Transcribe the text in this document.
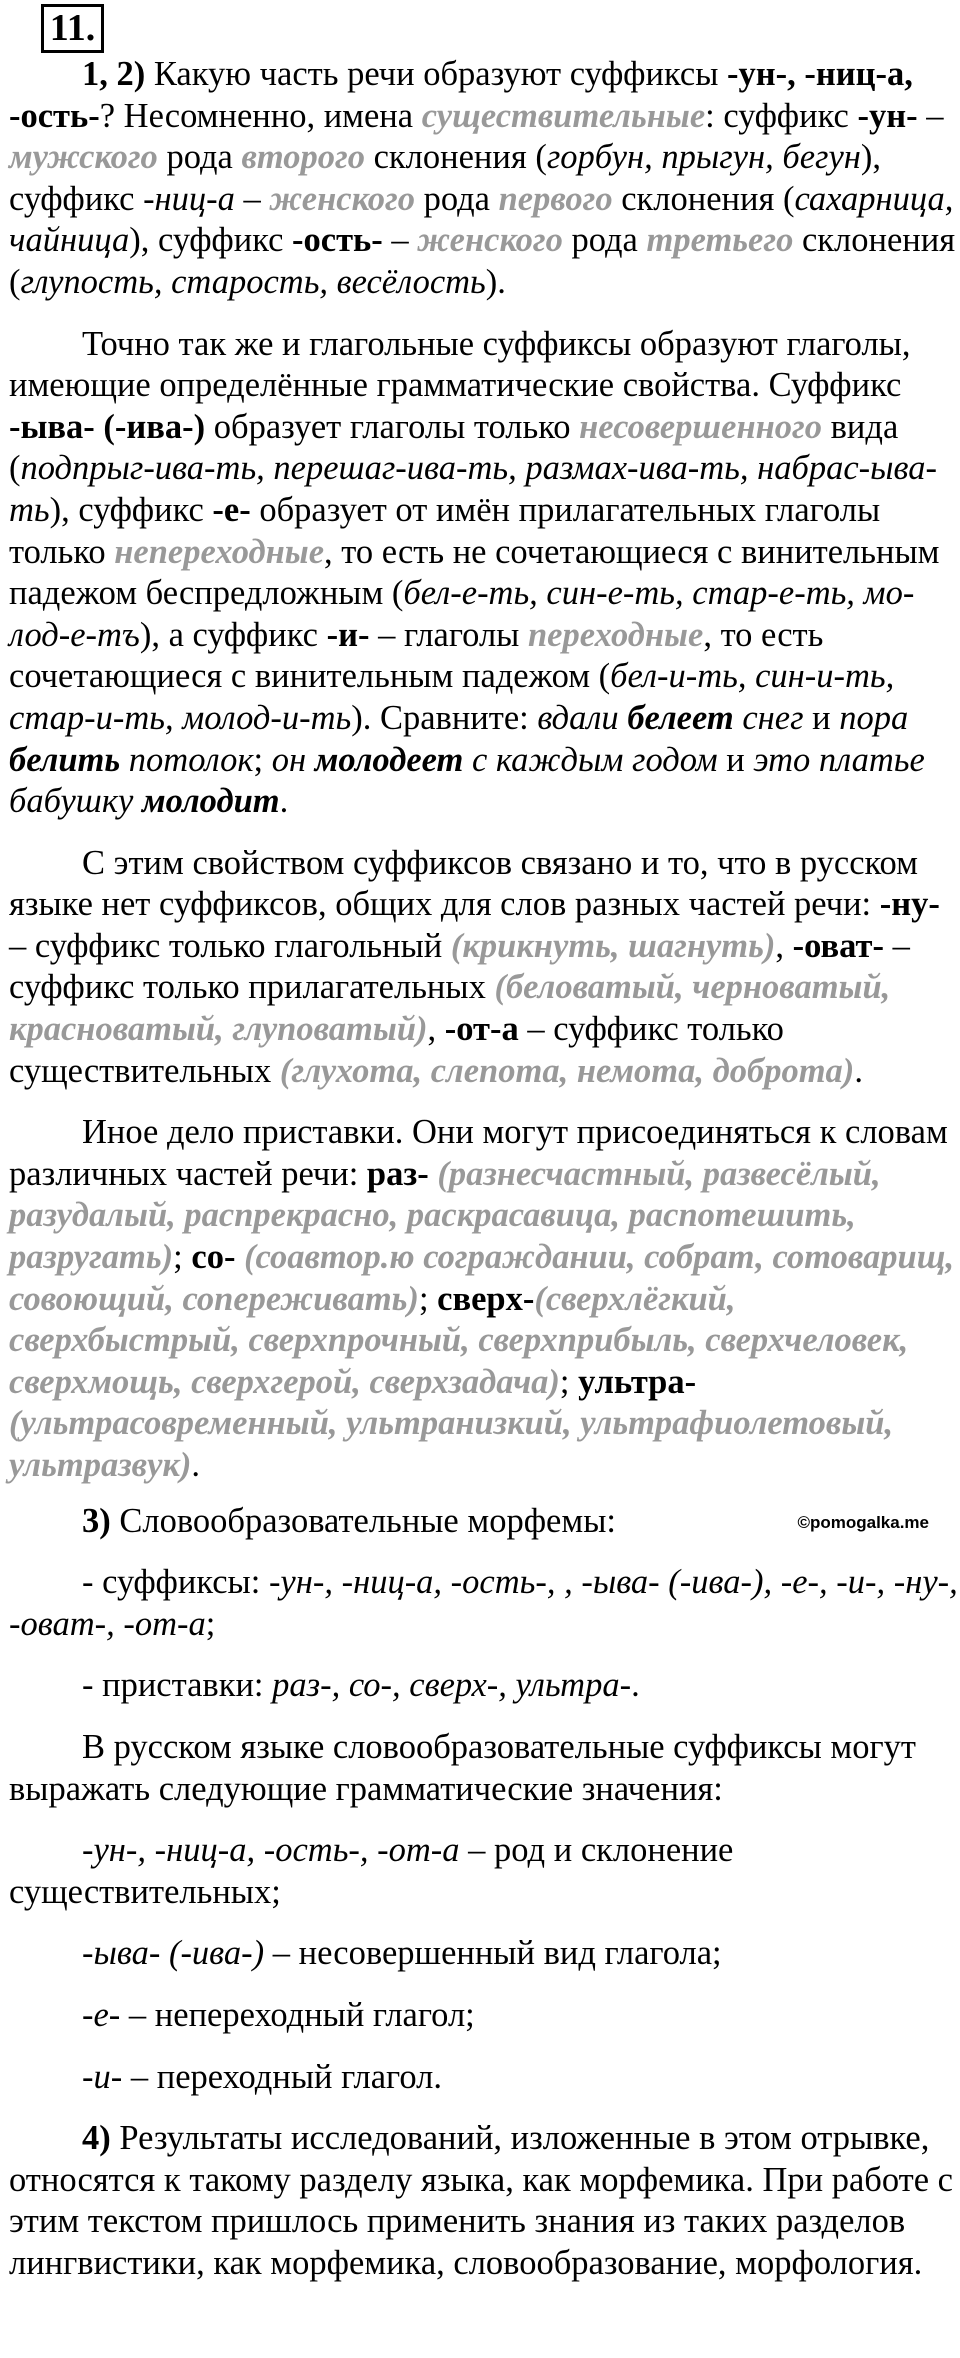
11.

1, 2) Какую часть речи образуют суффиксы -ун-, -ниц-а, -ость-? Несомненно, имена существительные: суффикс -ун- – мужского рода второго склонения (горбун, прыгун, бегун), суффикс -ниц-а – женского рода первого склонения (сахарница, чайница), суффикс -ость- – женского рода третьего склонения (глупость, старость, весёлость).

Точно так же и глагольные суффиксы образуют глаголы, имеющие определённые грамматические свойства. Суффикс -ыва- (-ива-) образует глаголы только несовершенного вида (подпрыг-ива-ть, перешаг-ива-ть, размах-ива-ть, набрас-ыва-ть), суффикс -е- образует от имён прилагательных глаголы только непереходные, то есть не сочетающиеся с винительным падежом беспредложным (бел-е-ть, син-е-ть, стар-е-ть, мо- лод-е-тъ), а суффикс -и- – глаголы переходные, то есть сочетающиеся с винительным падежом (бел-и-ть, син-и-ть, стар-и-ть, молод-и-ть). Сравните: вдали белеет снег и пора белить потолок; он молодеет с каждым годом и это платье бабушку молодит.

С этим свойством суффиксов связано и то, что в русском языке нет суффиксов, общих для слов разных частей речи: -ну- – суффикс только глагольный (крикнуть, шагнуть), -оват- – суффикс только прилагательных (беловатый, черноватый, красноватый, глуповатый), -от-а – суффикс только существительных (глухота, слепота, немота, доброта).

Иное дело приставки. Они могут присоединяться к словам различных частей речи: раз- (разнесчастный, развесёлый, разудалый, распрекрасно, раскрасавица, распотешить, разругать); со- (соавтор.ю сограждании, собрат, сотоварищ, совоющий, сопереживать); сверх-(сверхлёгкий, сверхбыстрый, сверхпрочный, сверхприбыль, сверхчеловек, сверхмощь, сверхгерой, сверхзадача); ультра- (ультрасовременный, ультранизкий, ультрафиолетовый, ультразвук).

3) Словообразовательные морфемы:	©pomogalka.me

- суффиксы: -ун-, -ниц-а, -ость-, , -ыва- (-ива-), -е-, -и-, -ну-, -оват-, -от-а;

- приставки: раз-, со-, сверх-, ультра-.

В русском языке словообразовательные суффиксы могут выражать следующие грамматические значения:

-ун-, -ниц-а, -ость-, -от-а – род и склонение существительных;

-ыва- (-ива-) – несовершенный вид глагола;

-е- – непереходный глагол;

-и- – переходный глагол.

4) Результаты исследований, изложенные в этом отрывке, относятся к такому разделу языка, как морфемика. При работе с этим текстом пришлось применить знания из таких разделов лингвистики, как морфемика, словообразование, морфология.
